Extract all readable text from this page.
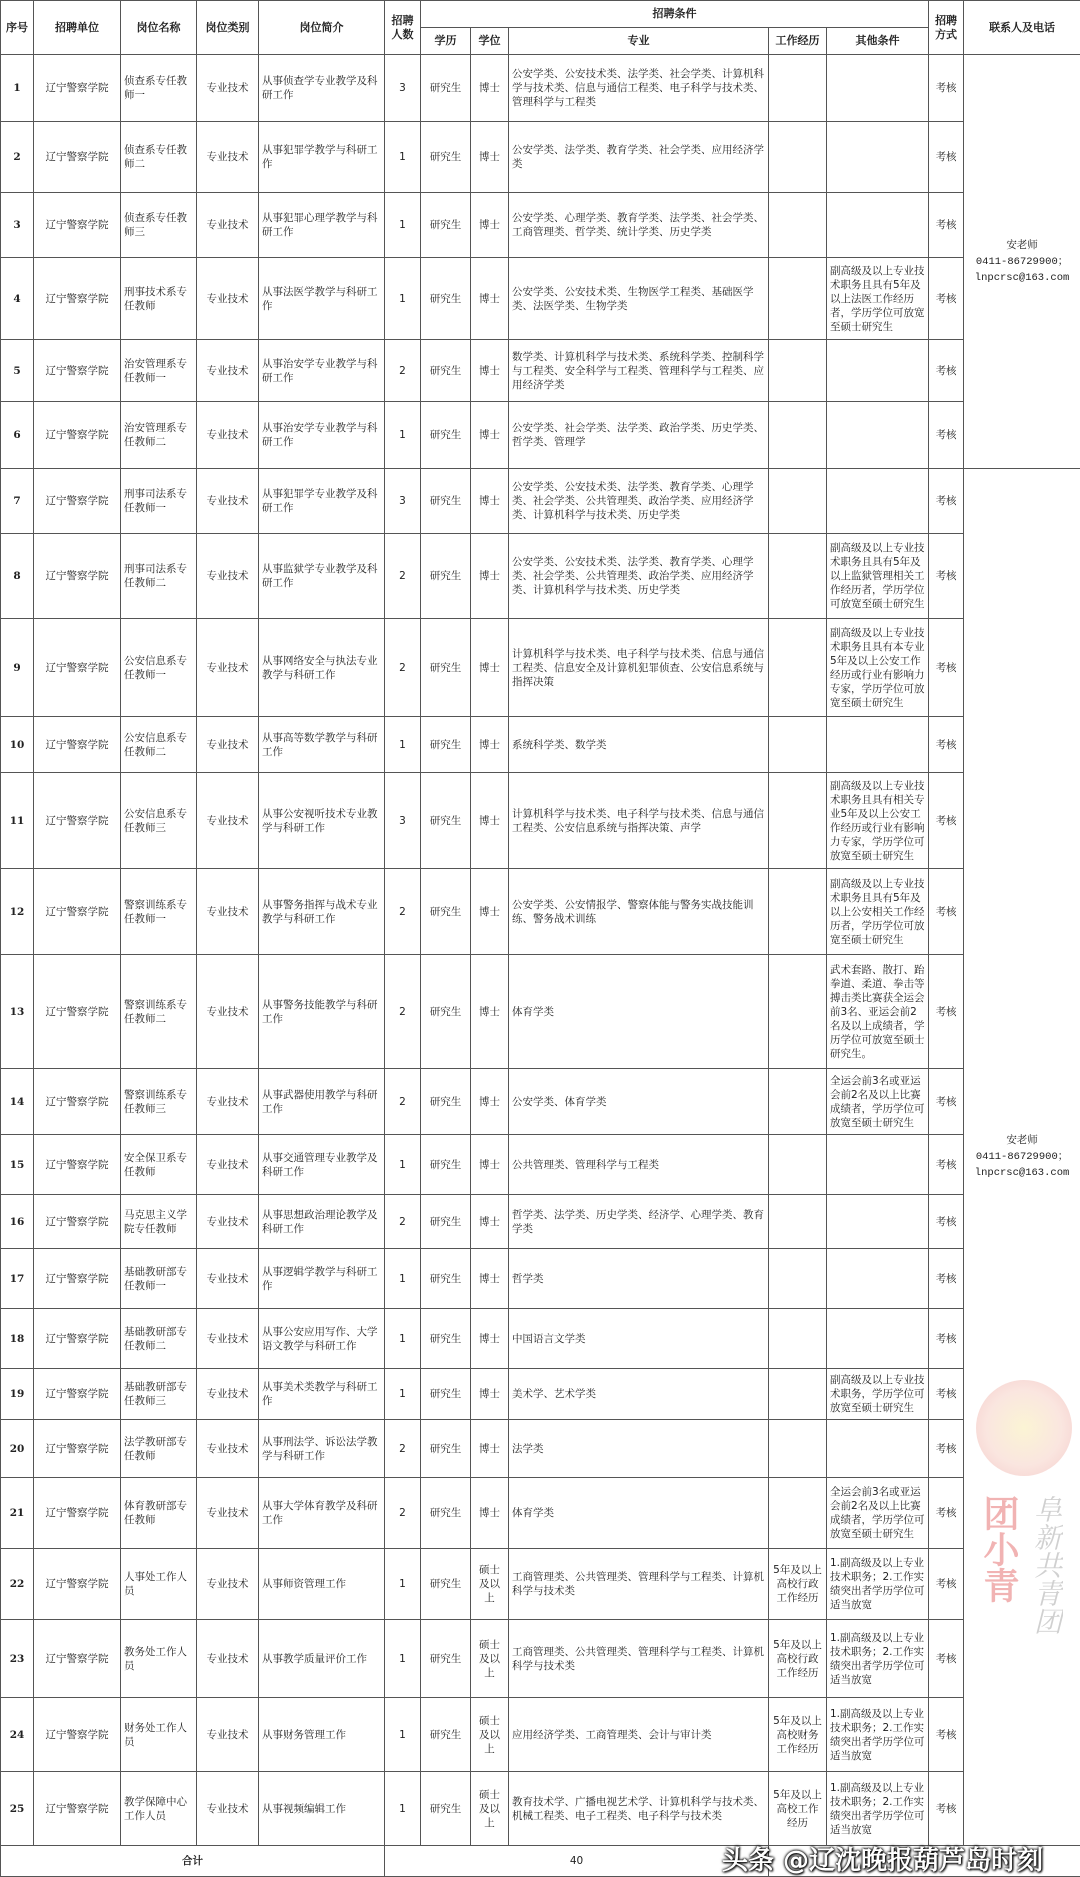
序号	招聘单位	岗位名称	岗位类别	岗位简介	招聘人数	招聘条件					招聘方式	联系人及电话
						学历	学位	专业	工作经历	其他条件		
1	辽宁警察学院	侦查系专任教师一	专业技术	从事侦查学专业教学及科研工作	3	研究生	博士	公安学类、公安技术类、法学类、社会学类、计算机科学与技术类、信息与通信工程类、电子科学与技术类、管理科学与工程类			考核	安老师
0411-86729900；
lnpcrsc@163.com

2	辽宁警察学院	侦查系专任教师二	专业技术	从事犯罪学教学与科研工作	1	研究生	博士	公安学类、法学类、教育学类、社会学类、应用经济学类			考核	
3	辽宁警察学院	侦查系专任教师三	专业技术	从事犯罪心理学教学与科研工作	1	研究生	博士	公安学类、心理学类、教育学类、法学类、社会学类、工商管理类、哲学类、统计学类、历史学类			考核	
4	辽宁警察学院	刑事技术系专任教师	专业技术	从事法医学教学与科研工作	1	研究生	博士	公安学类、公安技术类、生物医学工程类、基础医学类、法医学类、生物学类		副高级及以上专业技术职务且具有5年及以上法医工作经历者，学历学位可放宽至硕士研究生	考核	
5	辽宁警察学院	治安管理系专任教师一	专业技术	从事治安学专业教学与科研工作	2	研究生	博士	数学类、计算机科学与技术类、系统科学类、控制科学与工程类、安全科学与工程类、管理科学与工程类、应用经济学类			考核	
6	辽宁警察学院	治安管理系专任教师二	专业技术	从事治安学专业教学与科研工作	1	研究生	博士	公安学类、社会学类、法学类、政治学类、历史学类、哲学类、管理学			考核	
7	辽宁警察学院	刑事司法系专任教师一	专业技术	从事犯罪学专业教学及科研工作	3	研究生	博士	公安学类、公安技术类、法学类、教育学类、心理学类、社会学类、公共管理类、政治学类、应用经济学类、计算机科学与技术类、历史学类			考核	安老师
0411-86729900；
lnpcrsc@163.com

8	辽宁警察学院	刑事司法系专任教师二	专业技术	从事监狱学专业教学及科研工作	2	研究生	博士	公安学类、公安技术类、法学类、教育学类、心理学类、社会学类、公共管理类、政治学类、应用经济学类、计算机科学与技术类、历史学类		副高级及以上专业技术职务且具有5年及以上监狱管理相关工作经历者，学历学位可放宽至硕士研究生	考核	
9	辽宁警察学院	公安信息系专任教师一	专业技术	从事网络安全与执法专业教学与科研工作	2	研究生	博士	计算机科学与技术类、电子科学与技术类、信息与通信工程类、信息安全及计算机犯罪侦查、公安信息系统与指挥决策		副高级及以上专业技术职务且具有本专业5年及以上公安工作经历或行业有影响力专家，学历学位可放宽至硕士研究生	考核	
10	辽宁警察学院	公安信息系专任教师二	专业技术	从事高等数学教学与科研工作	1	研究生	博士	系统科学类、数学类			考核	
11	辽宁警察学院	公安信息系专任教师三	专业技术	从事公安视听技术专业教学与科研工作	3	研究生	博士	计算机科学与技术类、电子科学与技术类、信息与通信工程类、公安信息系统与指挥决策、声学		副高级及以上专业技术职务且具有相关专业5年及以上公安工作经历或行业有影响力专家，学历学位可放宽至硕士研究生	考核	
12	辽宁警察学院	警察训练系专任教师一	专业技术	从事警务指挥与战术专业教学与科研工作	2	研究生	博士	公安学类、公安情报学、警察体能与警务实战技能训练、警务战术训练		副高级及以上专业技术职务且具有5年及以上公安相关工作经历者，学历学位可放宽至硕士研究生	考核	
13	辽宁警察学院	警察训练系专任教师二	专业技术	从事警务技能教学与科研工作	2	研究生	博士	体育学类		武术套路、散打、跆拳道、柔道、拳击等搏击类比赛获全运会前3名、亚运会前2名及以上成绩者，学历学位可放宽至硕士研究生。	考核	
14	辽宁警察学院	警察训练系专任教师三	专业技术	从事武器使用教学与科研工作	2	研究生	博士	公安学类、体育学类		全运会前3名或亚运会前2名及以上比赛成绩者，学历学位可放宽至硕士研究生	考核	
15	辽宁警察学院	安全保卫系专任教师	专业技术	从事交通管理专业教学及科研工作	1	研究生	博士	公共管理类、管理科学与工程类			考核	
16	辽宁警察学院	马克思主义学院专任教师	专业技术	从事思想政治理论教学及科研工作	2	研究生	博士	哲学类、法学类、历史学类、经济学、心理学类、教育学类			考核	
17	辽宁警察学院	基础教研部专任教师一	专业技术	从事逻辑学教学与科研工作	1	研究生	博士	哲学类			考核	
18	辽宁警察学院	基础教研部专任教师二	专业技术	从事公安应用写作、大学语文教学与科研工作	1	研究生	博士	中国语言文学类			考核	
19	辽宁警察学院	基础教研部专任教师三	专业技术	从事美术类教学与科研工作	1	研究生	博士	美术学、艺术学类		副高级及以上专业技术职务，学历学位可放宽至硕士研究生	考核	
20	辽宁警察学院	法学教研部专任教师	专业技术	从事刑法学、诉讼法学教学与科研工作	2	研究生	博士	法学类			考核	
21	辽宁警察学院	体育教研部专任教师	专业技术	从事大学体育教学及科研工作	2	研究生	博士	体育学类		全运会前3名或亚运会前2名及以上比赛成绩者，学历学位可放宽至硕士研究生	考核	
22	辽宁警察学院	人事处工作人员	专业技术	从事师资管理工作	1	研究生	硕士及以上	工商管理类、公共管理类、管理科学与工程类、计算机科学与技术类	5年及以上高校行政工作经历	1.副高级及以上专业技术职务；2.工作实绩突出者学历学位可适当放宽	考核	
23	辽宁警察学院	教务处工作人员	专业技术	从事教学质量评价工作	1	研究生	硕士及以上	工商管理类、公共管理类、管理科学与工程类、计算机科学与技术类	5年及以上高校行政工作经历	1.副高级及以上专业技术职务；2.工作实绩突出者学历学位可适当放宽	考核	
24	辽宁警察学院	财务处工作人员	专业技术	从事财务管理工作	1	研究生	硕士及以上	应用经济学类、工商管理类、会计与审计类	5年及以上高校财务工作经历	1.副高级及以上专业技术职务；2.工作实绩突出者学历学位可适当放宽	考核	
25	辽宁警察学院	教学保障中心工作人员	专业技术	从事视频编辑工作	1	研究生	硕士及以上	教育技术学、广播电视艺术学、计算机科学与技术类、机械工程类、电子工程类、电子科学与技术类	5年及以上高校工作经历	1.副高级及以上专业技术职务；2.工作实绩突出者学历学位可适当放宽	考核	
合计					40							
团小青 阜新共青团
头条 @辽沈晚报葫芦岛时刻
